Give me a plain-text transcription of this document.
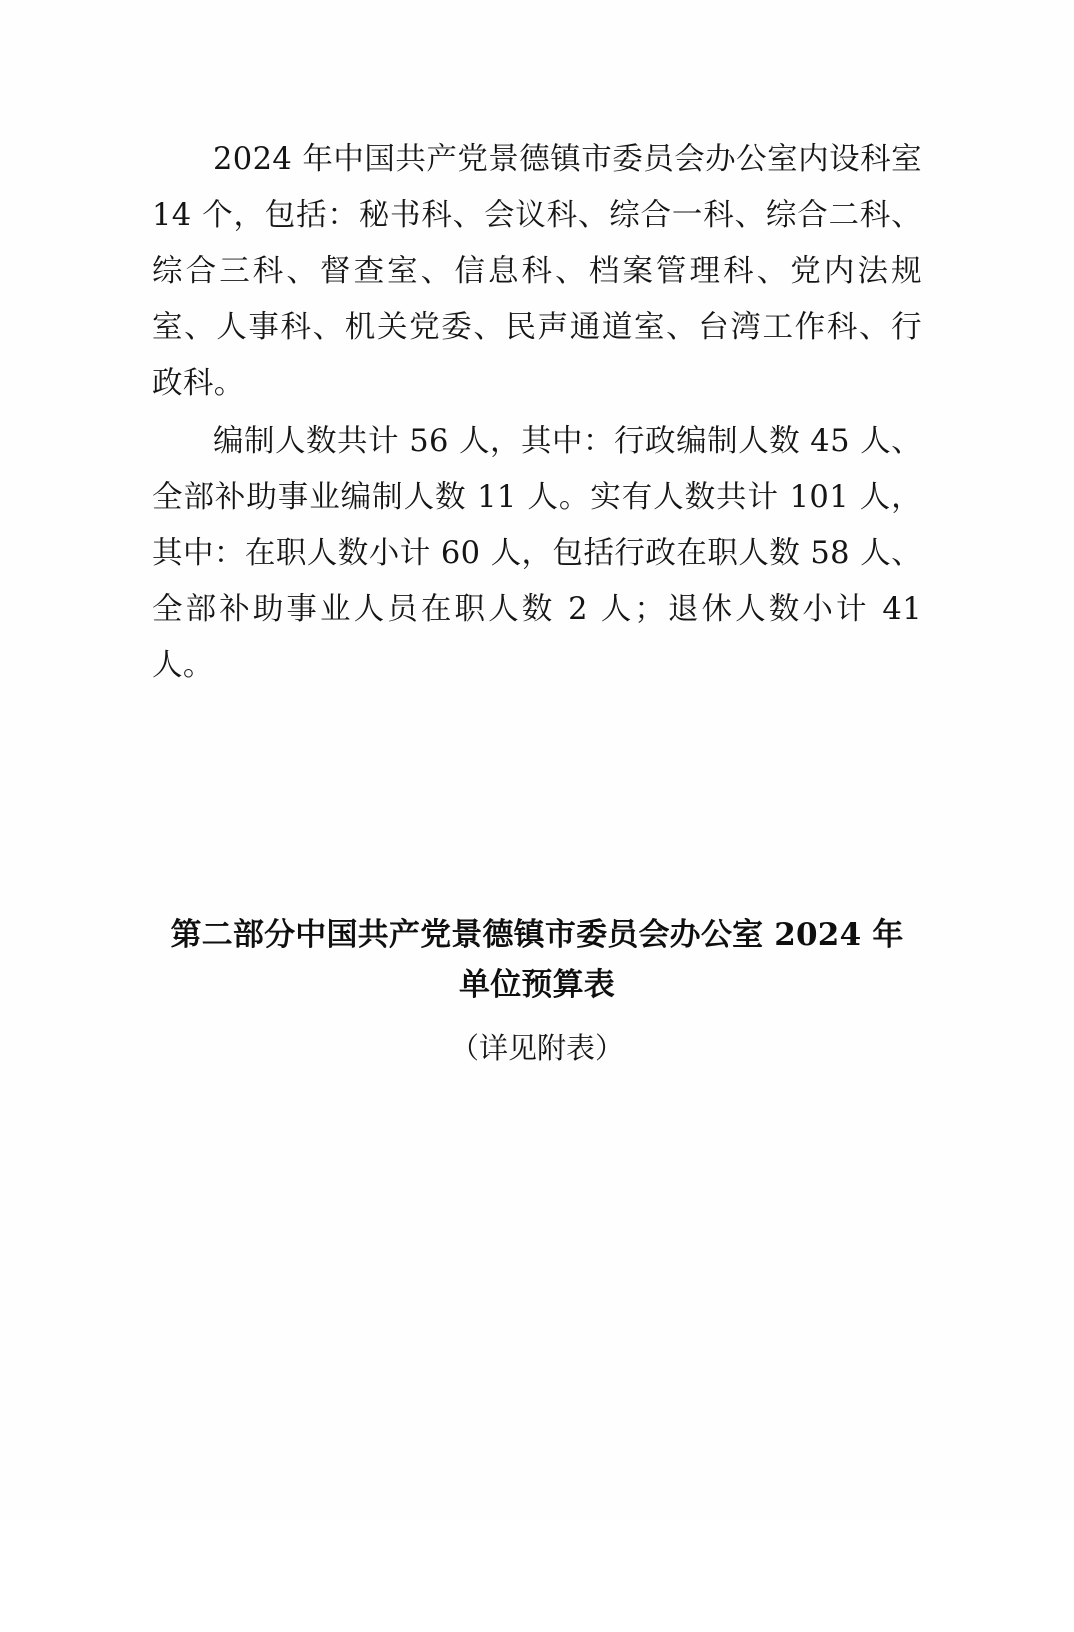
2024 年中国共产党景德镇市委员会办公室内设科室 14 个，包括：秘书科、会议科、综合一科、综合二科、综合三科、督查室、信息科、档案管理科、党内法规室、人事科、机关党委、民声通道室、台湾工作科、行政科。

编制人数共计 56 人，其中：行政编制人数 45 人、全部补助事业编制人数 11 人。实有人数共计 101 人，其中：在职人数小计 60 人，包括行政在职人数 58 人、全部补助事业人员在职人数 2 人；退休人数小计 41 人。

第二部分中国共产党景德镇市委员会办公室 2024 年单位预算表

（详见附表）
